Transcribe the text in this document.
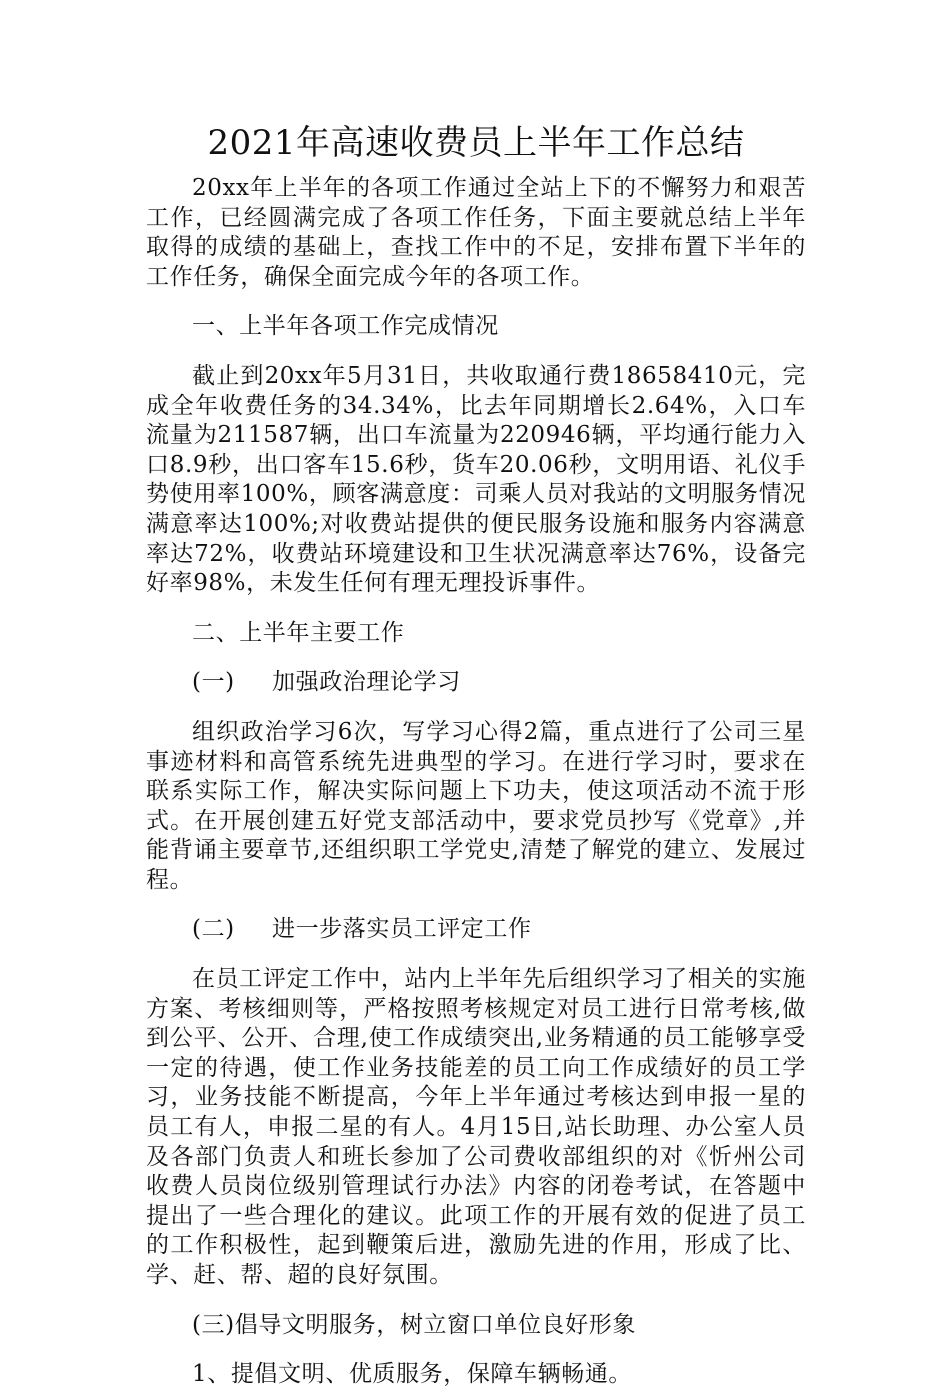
2021年高速收费员上半年工作总结

20xx年上半年的各项工作通过全站上下的不懈努力和艰苦工作，已经圆满完成了各项工作任务，下面主要就总结上半年取得的成绩的基础上，查找工作中的不足，安排布置下半年的工作任务，确保全面完成今年的各项工作。

一、上半年各项工作完成情况

截止到20xx年5月31日，共收取通行费18658410元，完成全年收费任务的34.34%，比去年同期增长2.64%，入口车流量为211587辆，出口车流量为220946辆，平均通行能力入口8.9秒，出口客车15.6秒，货车20.06秒，文明用语、礼仪手势使用率100%，顾客满意度：司乘人员对我站的文明服务情况满意率达100%;对收费站提供的便民服务设施和服务内容满意率达72%，收费站环境建设和卫生状况满意率达76%，设备完好率98%，未发生任何有理无理投诉事件。

二、上半年主要工作

(一) 加强政治理论学习

组织政治学习6次，写学习心得2篇，重点进行了公司三星事迹材料和高管系统先进典型的学习。在进行学习时，要求在联系实际工作，解决实际问题上下功夫，使这项活动不流于形式。在开展创建五好党支部活动中，要求党员抄写《党章》,并能背诵主要章节,还组织职工学党史,清楚了解党的建立、发展过程。

(二) 进一步落实员工评定工作

在员工评定工作中，站内上半年先后组织学习了相关的实施方案、考核细则等，严格按照考核规定对员工进行日常考核,做到公平、公开、合理,使工作成绩突出,业务精通的员工能够享受一定的待遇，使工作业务技能差的员工向工作成绩好的员工学习，业务技能不断提高，今年上半年通过考核达到申报一星的员工有人，申报二星的有人。4月15日,站长助理、办公室人员及各部门负责人和班长参加了公司费收部组织的对《忻州公司收费人员岗位级别管理试行办法》内容的闭卷考试，在答题中提出了一些合理化的建议。此项工作的开展有效的促进了员工的工作积极性，起到鞭策后进，激励先进的作用，形成了比、学、赶、帮、超的良好氛围。

(三)倡导文明服务，树立窗口单位良好形象

1、提倡文明、优质服务，保障车辆畅通。
